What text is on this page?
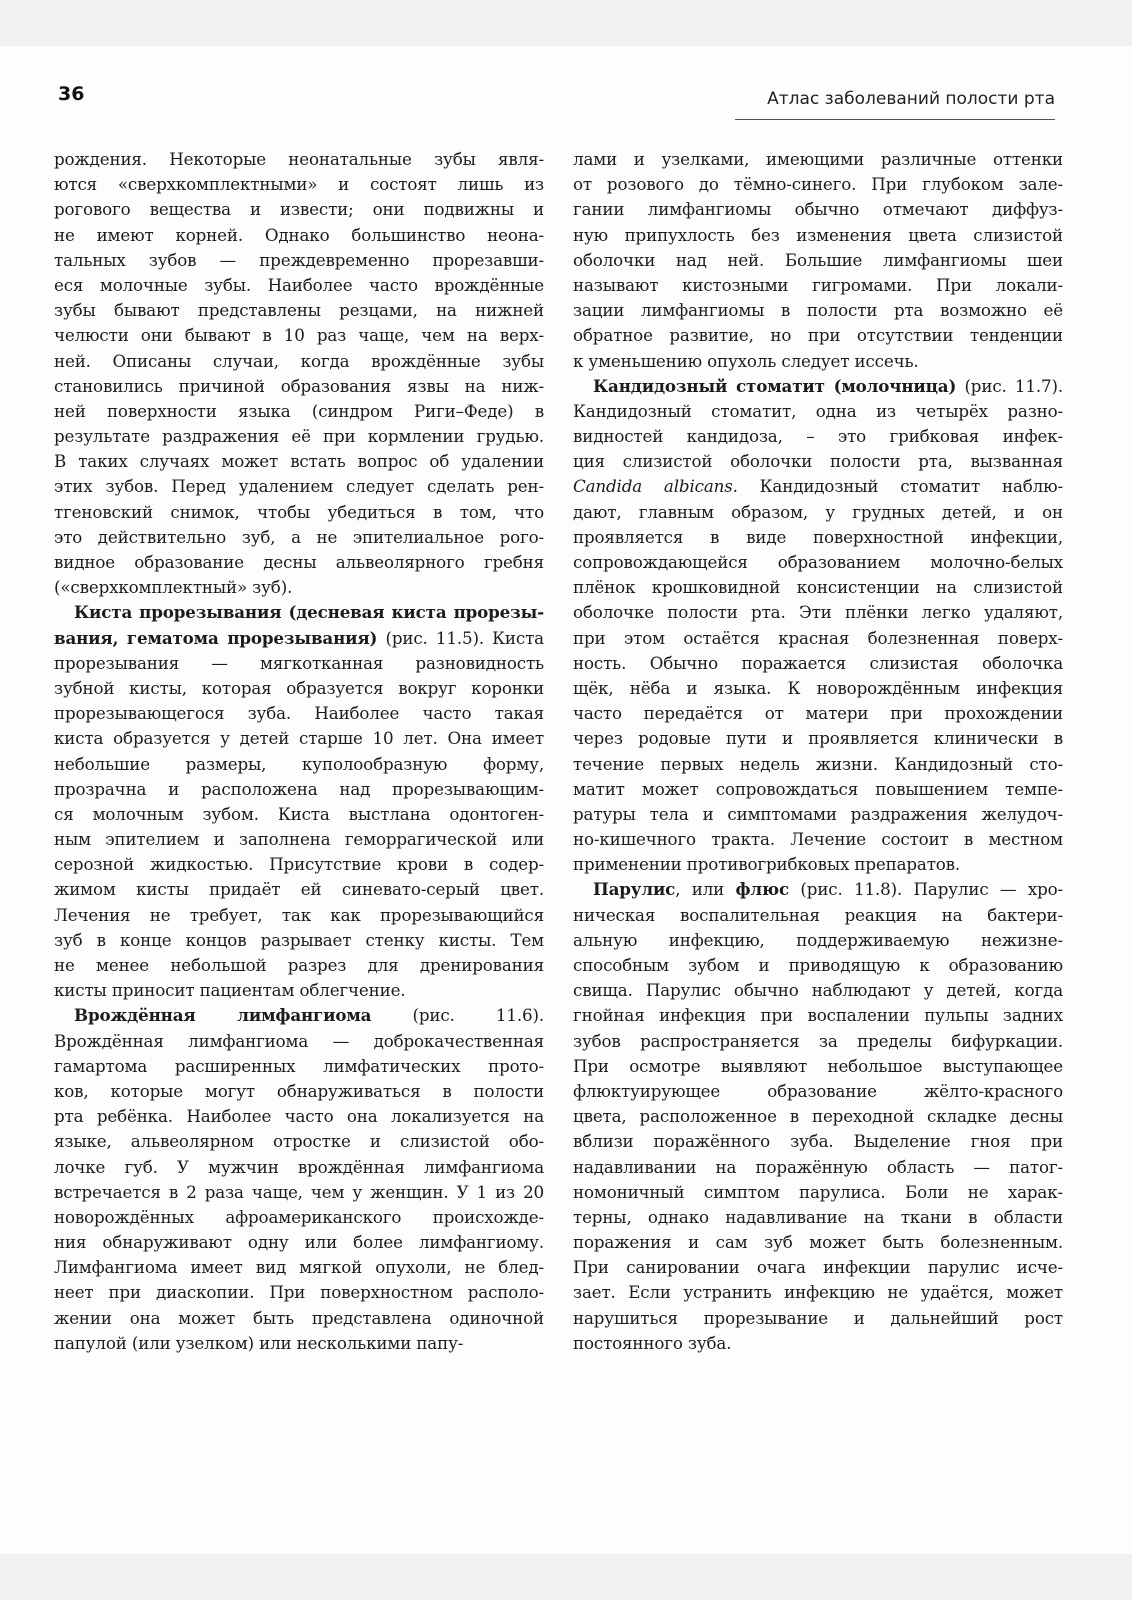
36	Атлас заболеваний полости рта
рождения. Некоторые неонатальные зубы явля-
ются «сверхкомплектными» и состоят лишь из
рогового вещества и извести; они подвижны и
не имеют корней. Однако большинство неона-
тальных зубов — преждевременно прорезавши-
еся молочные зубы. Наиболее часто врождённые
зубы бывают представлены резцами, на нижней
челюсти они бывают в 10 раз чаще, чем на верх-
ней. Описаны случаи, когда врождённые зубы
становились причиной образования язвы на ниж-
ней поверхности языка (синдром Риги–Феде) в
результате раздражения её при кормлении грудью.
В таких случаях может встать вопрос об удалении
этих зубов. Перед удалением следует сделать рен-
тгеновский снимок, чтобы убедиться в том, что
это действительно зуб, а не эпителиальное рого-
видное образование десны альвеолярного гребня
(«сверхкомплектный» зуб).
Киста прорезывания (десневая киста прорезы-
вания, гематома прорезывания) (рис. 11.5). Киста
прорезывания — мягкотканная разновидность
зубной кисты, которая образуется вокруг коронки
прорезывающегося зуба. Наиболее часто такая
киста образуется у детей старше 10 лет. Она имеет
небольшие размеры, куполообразную форму,
прозрачна и расположена над прорезывающим-
ся молочным зубом. Киста выстлана одонтоген-
ным эпителием и заполнена геморрагической или
серозной жидкостью. Присутствие крови в содер-
жимом кисты придаёт ей синевато-серый цвет.
Лечения не требует, так как прорезывающийся
зуб в конце концов разрывает стенку кисты. Тем
не менее небольшой разрез для дренирования
кисты приносит пациентам облегчение.
Врождённая лимфангиома (рис. 11.6).
Врождённая лимфангиома — доброкачественная
гамартома расширенных лимфатических прото-
ков, которые могут обнаруживаться в полости
рта ребёнка. Наиболее часто она локализуется на
языке, альвеолярном отростке и слизистой обо-
лочке губ. У мужчин врождённая лимфангиома
встречается в 2 раза чаще, чем у женщин. У 1 из 20
новорождённых афроамериканского происхожде-
ния обнаруживают одну или более лимфангиому.
Лимфангиома имеет вид мягкой опухоли, не блед-
неет при диаскопии. При поверхностном располо-
жении она может быть представлена одиночной
папулой (или узелком) или несколькими папу-
лами и узелками, имеющими различные оттенки
от розового до тёмно-синего. При глубоком зале-
гании лимфангиомы обычно отмечают диффуз-
ную припухлость без изменения цвета слизистой
оболочки над ней. Большие лимфангиомы шеи
называют кистозными гигромами. При локали-
зации лимфангиомы в полости рта возможно её
обратное развитие, но при отсутствии тенденции
к уменьшению опухоль следует иссечь.
Кандидозный стоматит (молочница) (рис. 11.7).
Кандидозный стоматит, одна из четырёх разно-
видностей кандидоза, – это грибковая инфек-
ция слизистой оболочки полости рта, вызванная
Candida albicans. Кандидозный стоматит наблю-
дают, главным образом, у грудных детей, и он
проявляется в виде поверхностной инфекции,
сопровождающейся образованием молочно-белых
плёнок крошковидной консистенции на слизистой
оболочке полости рта. Эти плёнки легко удаляют,
при этом остаётся красная болезненная поверх-
ность. Обычно поражается слизистая оболочка
щёк, нёба и языка. К новорождённым инфекция
часто передаётся от матери при прохождении
через родовые пути и проявляется клинически в
течение первых недель жизни. Кандидозный сто-
матит может сопровождаться повышением темпе-
ратуры тела и симптомами раздражения желудоч-
но-кишечного тракта. Лечение состоит в местном
применении противогрибковых препаратов.
Парулис, или флюс (рис. 11.8). Парулис — хро-
ническая воспалительная реакция на бактери-
альную инфекцию, поддерживаемую нежизне-
способным зубом и приводящую к образованию
свища. Парулис обычно наблюдают у детей, когда
гнойная инфекция при воспалении пульпы задних
зубов распространяется за пределы бифуркации.
При осмотре выявляют небольшое выступающее
флюктуирующее образование жёлто-красного
цвета, расположенное в переходной складке десны
вблизи поражённого зуба. Выделение гноя при
надавливании на поражённую область — патог-
номоничный симптом парулиса. Боли не харак-
терны, однако надавливание на ткани в области
поражения и сам зуб может быть болезненным.
При санировании очага инфекции парулис исче-
зает. Если устранить инфекцию не удаётся, может
нарушиться прорезывание и дальнейший рост
постоянного зуба.
